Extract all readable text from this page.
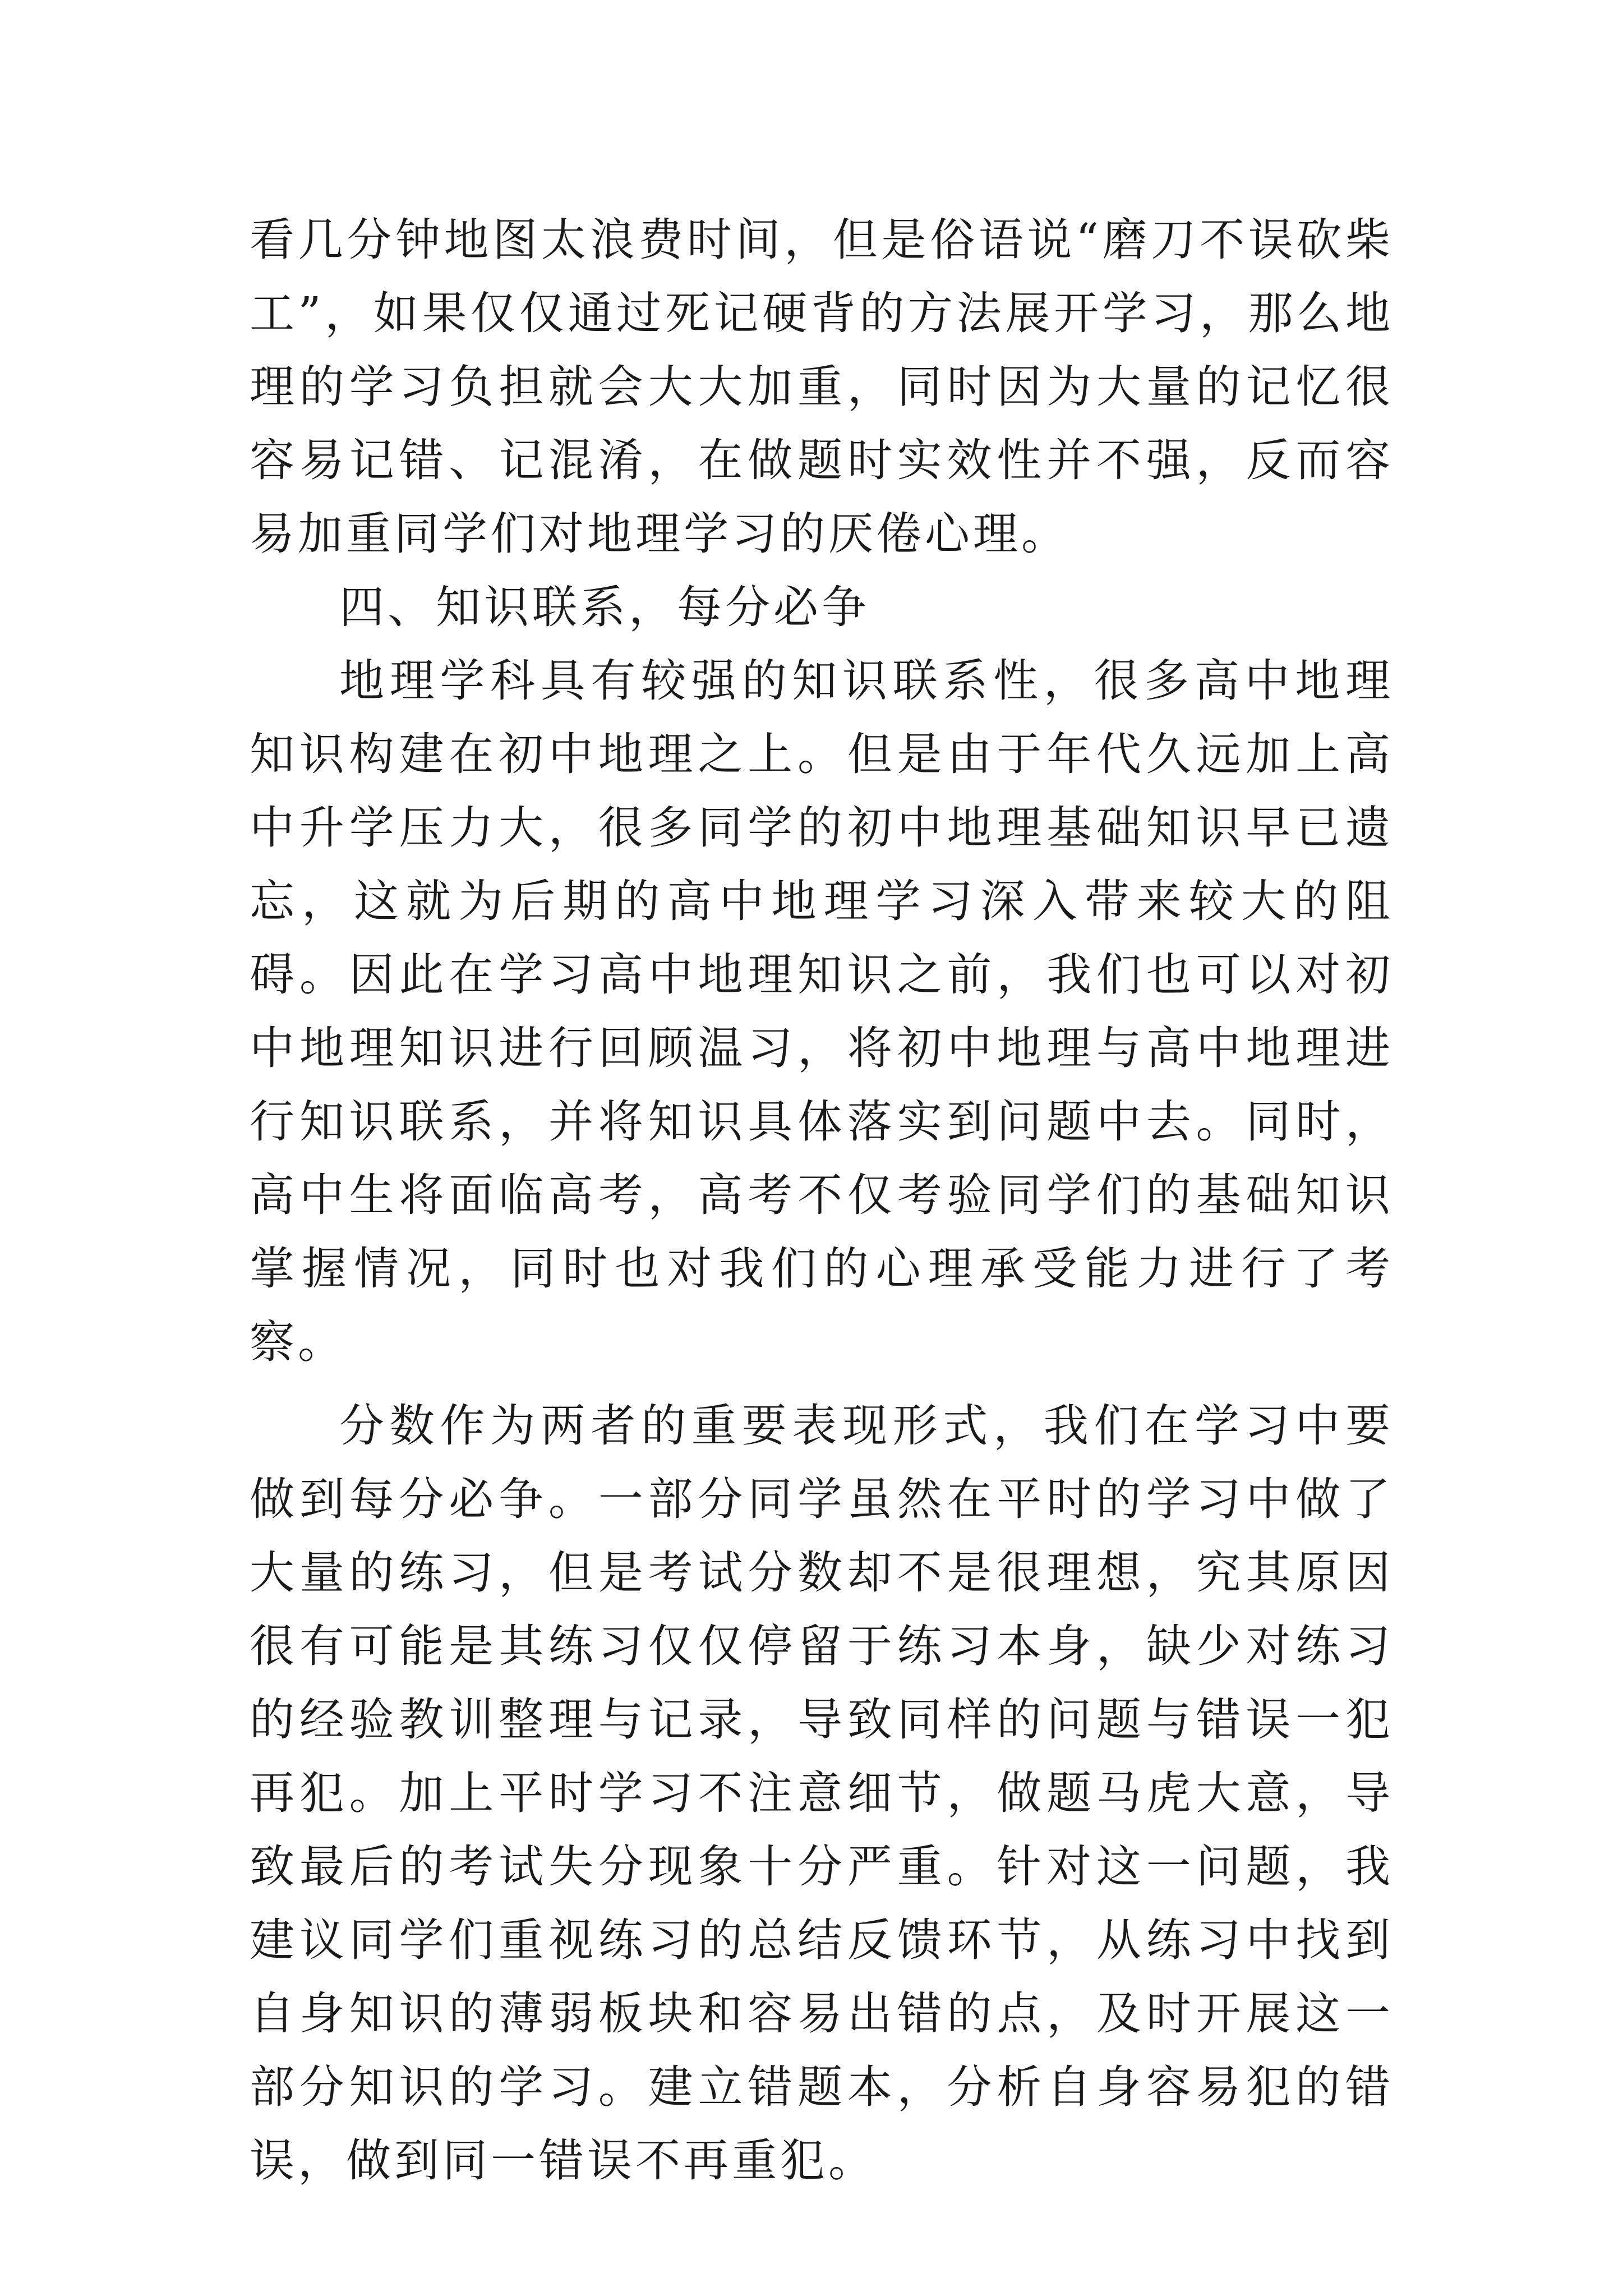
看几分钟地图太浪费时间，但是俗语说“磨刀不误砍柴工”，如果仅仅通过死记硬背的方法展开学习，那么地理的学习负担就会大大加重，同时因为大量的记忆很容易记错、记混淆，在做题时实效性并不强，反而容易加重同学们对地理学习的厌倦心理。

四、知识联系，每分必争

地理学科具有较强的知识联系性，很多高中地理知识构建在初中地理之上。但是由于年代久远加上高中升学压力大，很多同学的初中地理基础知识早已遗忘，这就为后期的高中地理学习深入带来较大的阻碍。因此在学习高中地理知识之前，我们也可以对初中地理知识进行回顾温习，将初中地理与高中地理进行知识联系，并将知识具体落实到问题中去。同时，高中生将面临高考，高考不仅考验同学们的基础知识掌握情况，同时也对我们的心理承受能力进行了考察。

分数作为两者的重要表现形式，我们在学习中要做到每分必争。一部分同学虽然在平时的学习中做了大量的练习，但是考试分数却不是很理想，究其原因很有可能是其练习仅仅停留于练习本身，缺少对练习的经验教训整理与记录，导致同样的问题与错误一犯再犯。加上平时学习不注意细节，做题马虎大意，导致最后的考试失分现象十分严重。针对这一问题，我建议同学们重视练习的总结反馈环节，从练习中找到自身知识的薄弱板块和容易出错的点，及时开展这一部分知识的学习。建立错题本，分析自身容易犯的错误，做到同一错误不再重犯。
